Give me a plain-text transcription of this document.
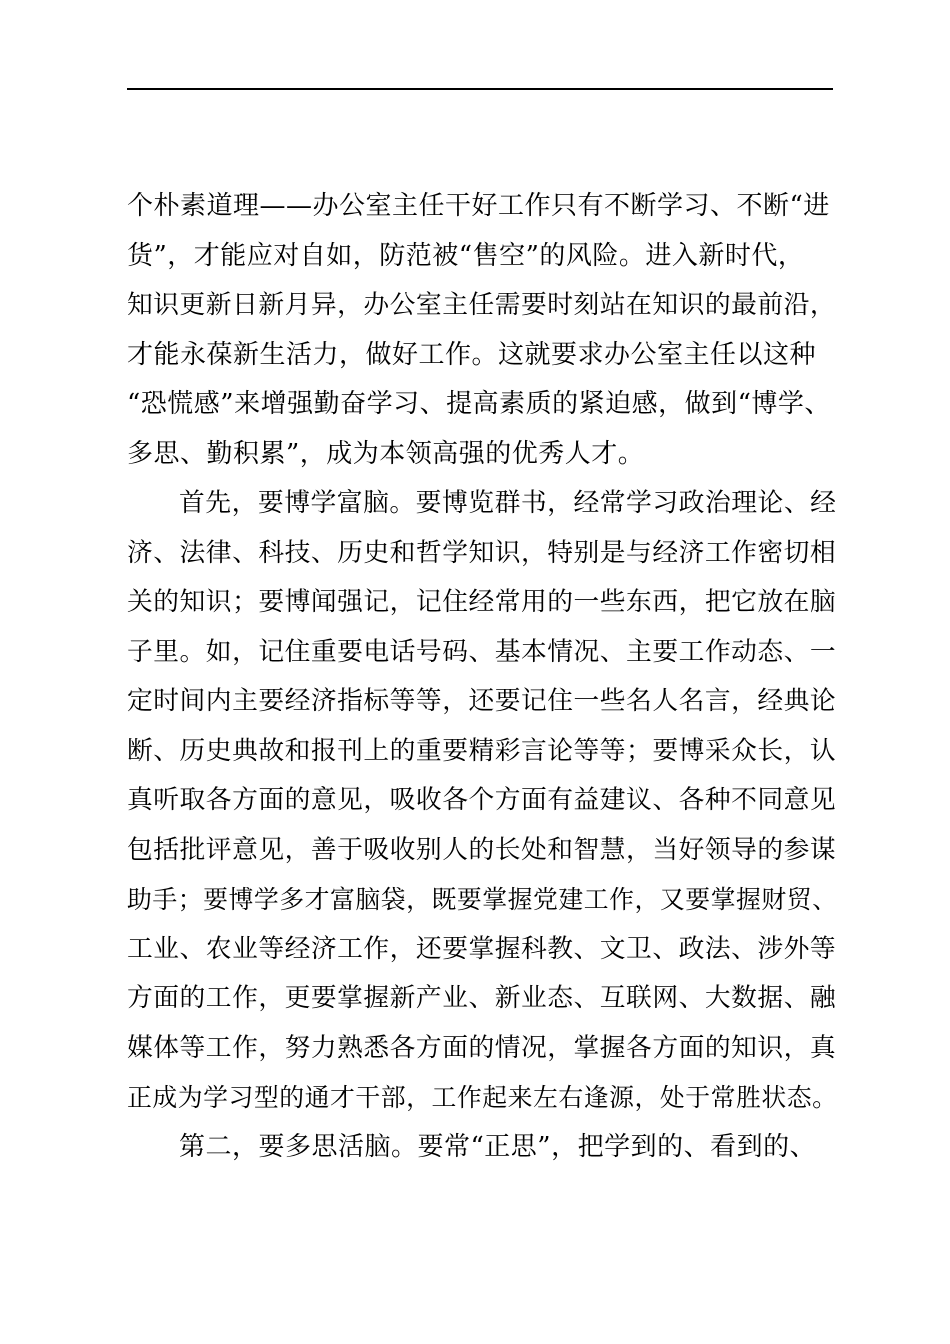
个朴素道理——办公室主任干好工作只有不断学习、不断“进
货”，才能应对自如，防范被“售空”的风险。进入新时代，
知识更新日新月异，办公室主任需要时刻站在知识的最前沿，
才能永葆新生活力，做好工作。这就要求办公室主任以这种
“恐慌感”来增强勤奋学习、提高素质的紧迫感，做到“博学、
多思、勤积累”，成为本领高强的优秀人才。
首先，要博学富脑。要博览群书，经常学习政治理论、经
济、法律、科技、历史和哲学知识，特别是与经济工作密切相
关的知识；要博闻强记，记住经常用的一些东西，把它放在脑
子里。如，记住重要电话号码、基本情况、主要工作动态、一
定时间内主要经济指标等等，还要记住一些名人名言，经典论
断、历史典故和报刊上的重要精彩言论等等；要博采众长，认
真听取各方面的意见，吸收各个方面有益建议、各种不同意见
包括批评意见，善于吸收别人的长处和智慧，当好领导的参谋
助手；要博学多才富脑袋，既要掌握党建工作，又要掌握财贸、
工业、农业等经济工作，还要掌握科教、文卫、政法、涉外等
方面的工作，更要掌握新产业、新业态、互联网、大数据、融
媒体等工作，努力熟悉各方面的情况，掌握各方面的知识，真
正成为学习型的通才干部，工作起来左右逢源，处于常胜状态。
第二，要多思活脑。要常“正思”，把学到的、看到的、
